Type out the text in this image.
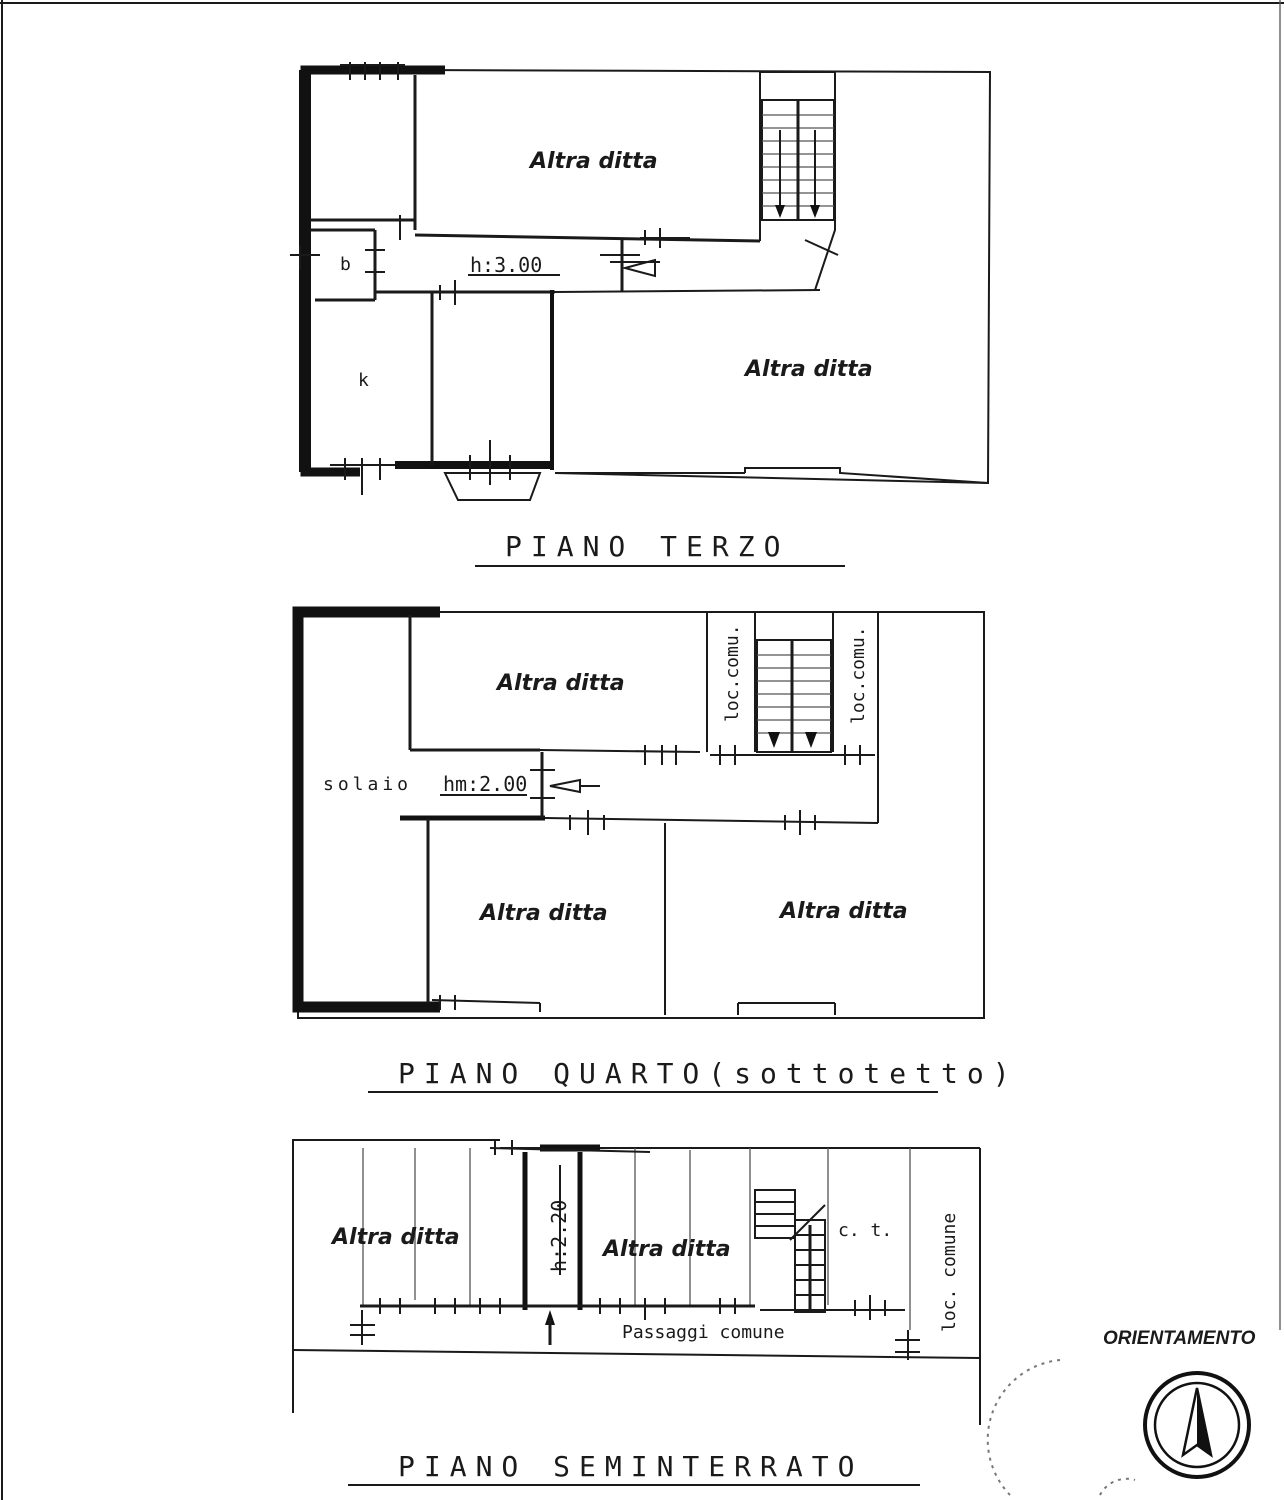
Altra ditta
Altra ditta
b
k
h:3.00
PIANO TERZO
Altra ditta
Altra ditta	Altra ditta
solaio hm:2.00
loc.comu.	loc.comu.
PIANO QUARTO(sottotetto)
Altra ditta	Altra ditta
h:2.20	c. t.	loc. comune
Passaggi comune
PIANO SEMINTERRATO
ORIENTAMENTO
